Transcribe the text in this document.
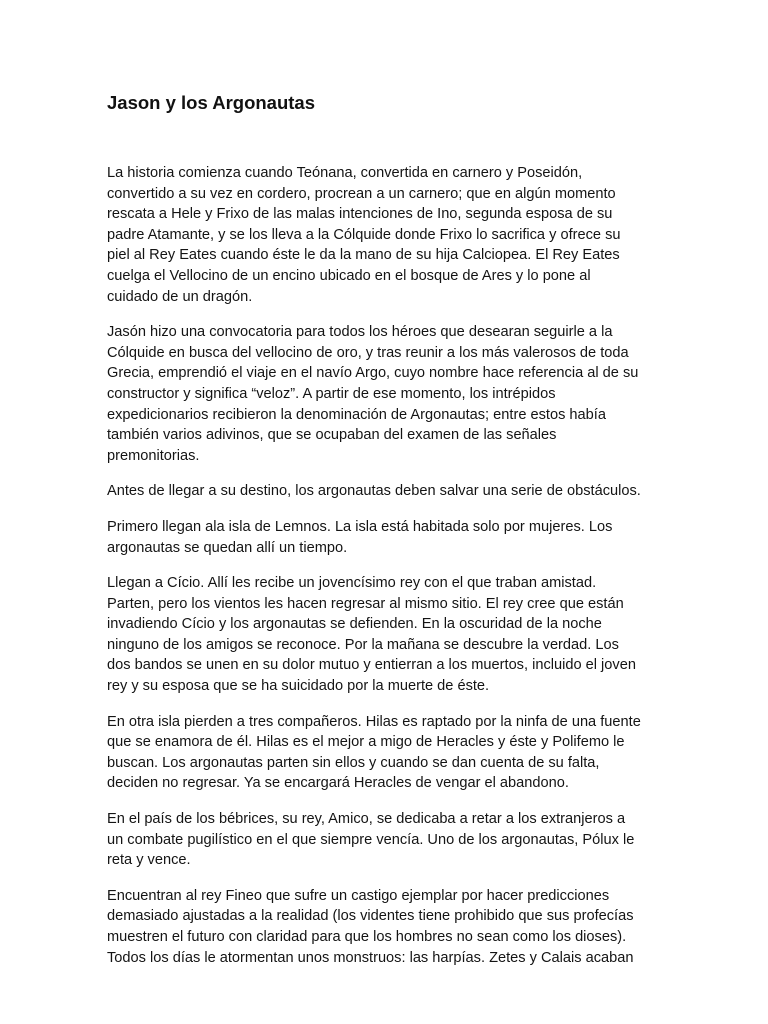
Jason y los Argonautas

La historia comienza cuando Teónana, convertida en carnero y Poseidón,
convertido a su vez en cordero, procrean a un carnero; que en algún momento
rescata a Hele y Frixo de las malas intenciones de Ino, segunda esposa de su
padre Atamante, y se los lleva a la Cólquide donde Frixo lo sacrifica y ofrece su
piel al Rey Eates cuando éste le da la mano de su hija Calciopea. El Rey Eates
cuelga el Vellocino de un encino ubicado en el bosque de Ares y lo pone al
cuidado de un dragón.

Jasón hizo una convocatoria para todos los héroes que desearan seguirle a la
Cólquide en busca del vellocino de oro, y tras reunir a los más valerosos de toda
Grecia, emprendió el viaje en el navío Argo, cuyo nombre hace referencia al de su
constructor y significa “veloz”. A partir de ese momento, los intrépidos
expedicionarios recibieron la denominación de Argonautas; entre estos había
también varios adivinos, que se ocupaban del examen de las señales
premonitorias.

Antes de llegar a su destino, los argonautas deben salvar una serie de obstáculos.

Primero llegan ala isla de Lemnos. La isla está habitada solo por mujeres. Los
argonautas se quedan allí un tiempo.

Llegan a Cício. Allí les recibe un jovencísimo rey con el que traban amistad.
Parten, pero los vientos les hacen regresar al mismo sitio. El rey cree que están
invadiendo Cício y los argonautas se defienden. En la oscuridad de la noche
ninguno de los amigos se reconoce. Por la mañana se descubre la verdad. Los
dos bandos se unen en su dolor mutuo y entierran a los muertos, incluido el joven
rey y su esposa que se ha suicidado por la muerte de éste.

En otra isla pierden a tres compañeros. Hilas es raptado por la ninfa de una fuente
que se enamora de él. Hilas es el mejor a migo de Heracles y éste y Polifemo le
buscan. Los argonautas parten sin ellos y cuando se dan cuenta de su falta,
deciden no regresar. Ya se encargará Heracles de vengar el abandono.

En el país de los bébrices, su rey, Amico, se dedicaba a retar a los extranjeros a
un combate pugilístico en el que siempre vencía. Uno de los argonautas, Pólux le
reta y vence.

Encuentran al rey Fineo que sufre un castigo ejemplar por hacer predicciones
demasiado ajustadas a la realidad (los videntes tiene prohibido que sus profecías
muestren el futuro con claridad para que los hombres no sean como los dioses).
Todos los días le atormentan unos monstruos: las harpías. Zetes y Calais acaban
